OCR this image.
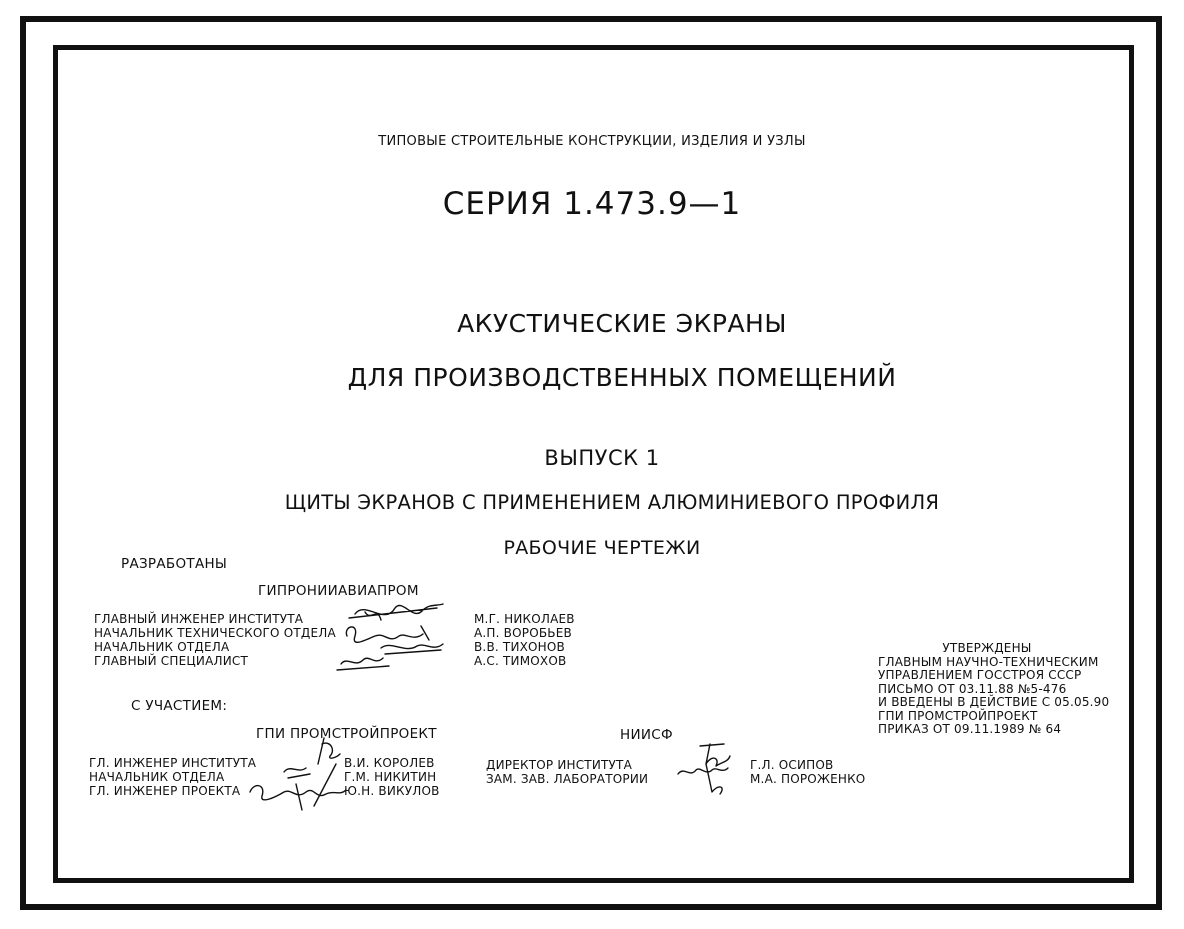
ТИПОВЫЕ СТРОИТЕЛЬНЫЕ КОНСТРУКЦИИ, ИЗДЕЛИЯ И УЗЛЫ
СЕРИЯ 1.473.9—1
АКУСТИЧЕСКИЕ ЭКРАНЫ
ДЛЯ ПРОИЗВОДСТВЕННЫХ ПОМЕЩЕНИЙ
ВЫПУСК 1
ЩИТЫ ЭКРАНОВ С ПРИМЕНЕНИЕМ АЛЮМИНИЕВОГО ПРОФИЛЯ
РАБОЧИЕ ЧЕРТЕЖИ
РАЗРАБОТАНЫ
ГИПРОНИИАВИАПРОМ
ГЛАВНЫЙ ИНЖЕНЕР ИНСТИТУТА
НАЧАЛЬНИК ТЕХНИЧЕСКОГО ОТДЕЛА
НАЧАЛЬНИК ОТДЕЛА
ГЛАВНЫЙ СПЕЦИАЛИСТ
М.Г. НИКОЛАЕВ
А.П. ВОРОБЬЕВ
В.В. ТИХОНОВ
А.С. ТИМОХОВ
С УЧАСТИЕМ:
ГПИ ПРОМСТРОЙПРОЕКТ	НИИСФ
ГЛ. ИНЖЕНЕР ИНСТИТУТА
НАЧАЛЬНИК ОТДЕЛА
ГЛ. ИНЖЕНЕР ПРОЕКТА
В.И. КОРОЛЕВ
Г.М. НИКИТИН
Ю.Н. ВИКУЛОВ
ДИРЕКТОР ИНСТИТУТА
ЗАМ. ЗАВ. ЛАБОРАТОРИИ
Г.Л. ОСИПОВ
М.А. ПОРОЖЕНКО
УТВЕРЖДЕНЫ
ГЛАВНЫМ НАУЧНО-ТЕХНИЧЕСКИМ
УПРАВЛЕНИЕМ ГОССТРОЯ СССР
ПИСЬМО ОТ 03.11.88 №5-476
И ВВЕДЕНЫ В ДЕЙСТВИЕ С 05.05.90
ГПИ ПРОМСТРОЙПРОЕКТ
ПРИКАЗ ОТ 09.11.1989 № 64
